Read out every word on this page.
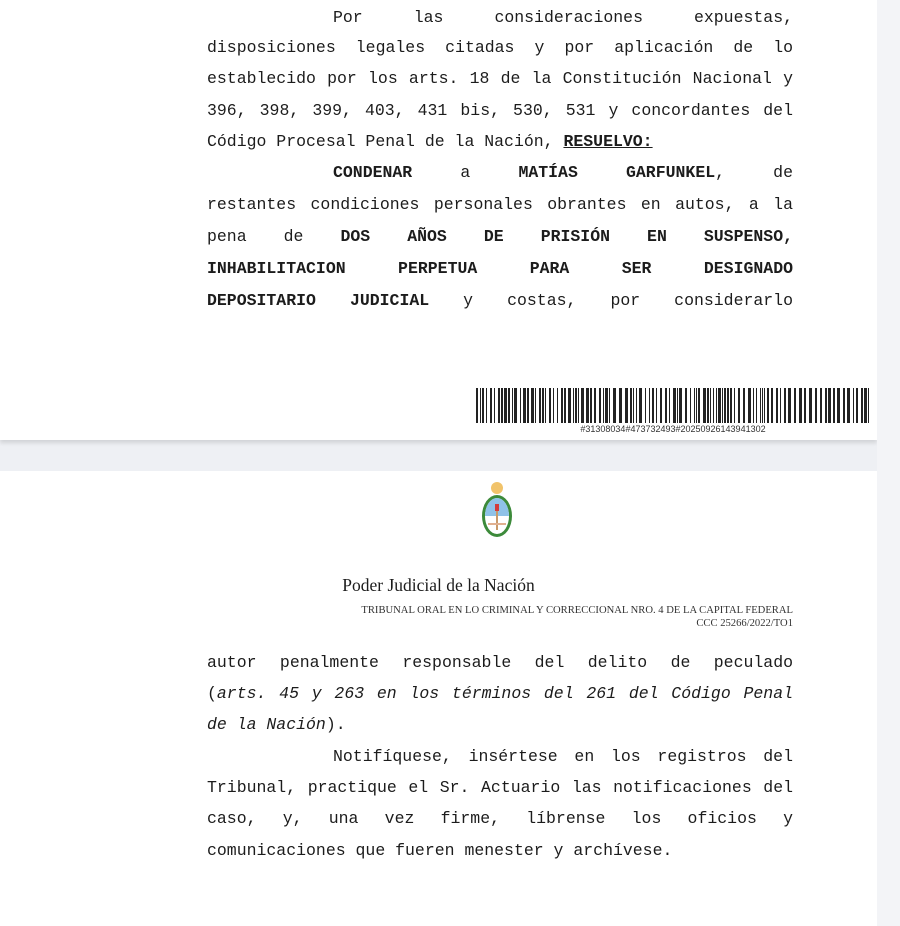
Por las consideraciones expuestas,
disposiciones legales citadas y por aplicación de lo
establecido por los arts. 18 de la Constitución Nacional y
396, 398, 399, 403, 431 bis, 530, 531 y concordantes del
Código Procesal Penal de la Nación, RESUELVO:
CONDENAR a MATÍAS GARFUNKEL, de
restantes condiciones personales obrantes en autos, a la
pena de DOS AÑOS DE PRISIÓN EN SUSPENSO,
INHABILITACION PERPETUA PARA SER DESIGNADO
DEPOSITARIO JUDICIAL y costas, por considerarlo
#31308034#473732493#20250926143941302
Poder Judicial de la Nación
TRIBUNAL ORAL EN LO CRIMINAL Y CORRECCIONAL NRO. 4 DE LA CAPITAL FEDERAL
CCC 25266/2022/TO1
autor penalmente responsable del delito de peculado
(arts. 45 y 263 en los términos del 261 del Código Penal
de la Nación).
Notifíquese, insértese en los registros del
Tribunal, practique el Sr. Actuario las notificaciones del
caso, y, una vez firme, líbrense los oficios y
comunicaciones que fueren menester y archívese.
